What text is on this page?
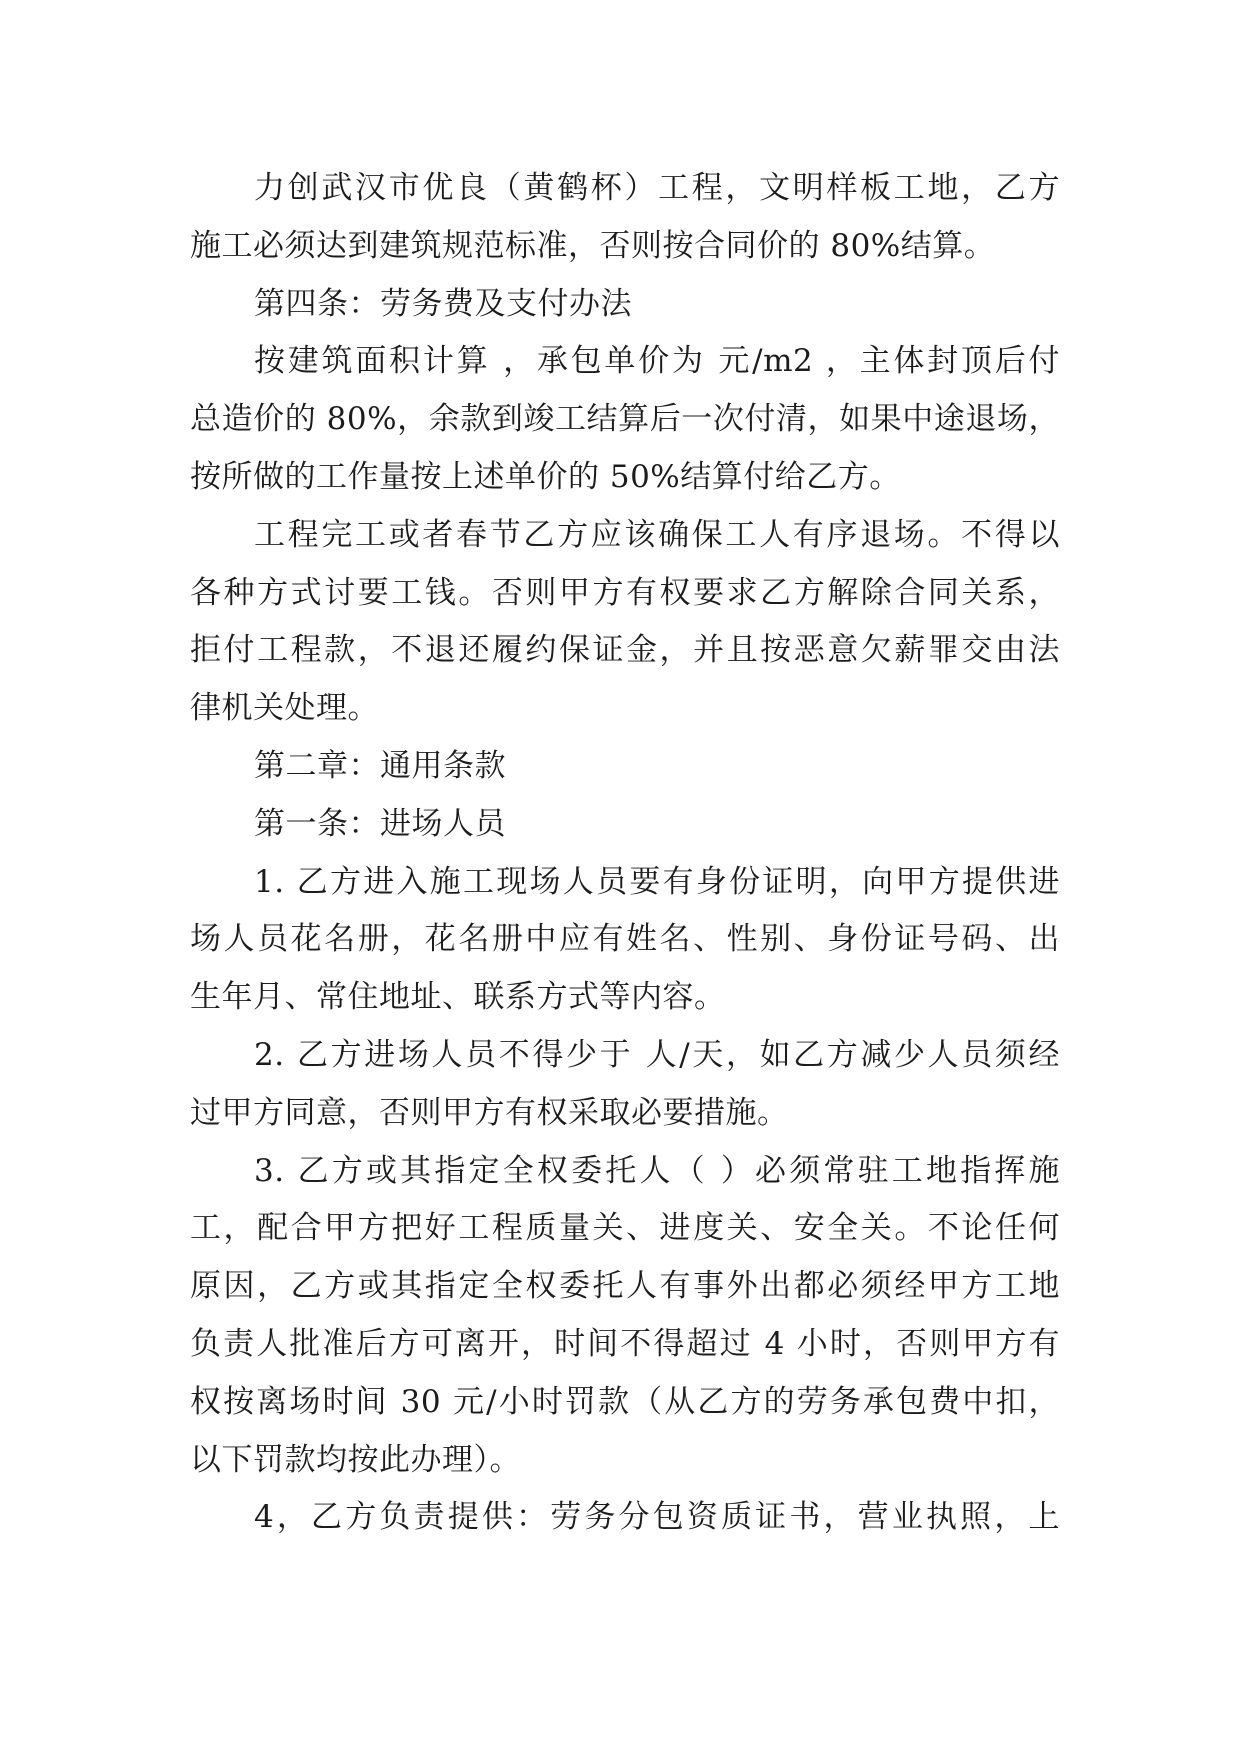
力创武汉市优良（黄鹤杯）工程，文明样板工地，乙方
施工必须达到建筑规范标准，否则按合同价的 80%结算。
第四条：劳务费及支付办法
按建筑面积计算 ，承包单价为 元/m2 ，主体封顶后付
总造价的 80%，余款到竣工结算后一次付清，如果中途退场，
按所做的工作量按上述单价的 50%结算付给乙方。
工程完工或者春节乙方应该确保工人有序退场。不得以
各种方式讨要工钱。否则甲方有权要求乙方解除合同关系，
拒付工程款，不退还履约保证金，并且按恶意欠薪罪交由法
律机关处理。
第二章：通用条款
第一条：进场人员
1. 乙方进入施工现场人员要有身份证明，向甲方提供进
场人员花名册，花名册中应有姓名、性别、身份证号码、出
生年月、常住地址、联系方式等内容。
2. 乙方进场人员不得少于 人/天，如乙方减少人员须经
过甲方同意，否则甲方有权采取必要措施。
3. 乙方或其指定全权委托人（ ）必须常驻工地指挥施
工，配合甲方把好工程质量关、进度关、安全关。不论任何
原因，乙方或其指定全权委托人有事外出都必须经甲方工地
负责人批准后方可离开，时间不得超过 4 小时，否则甲方有
权按离场时间 30 元/小时罚款（从乙方的劳务承包费中扣，
以下罚款均按此办理）。
4，乙方负责提供：劳务分包资质证书，营业执照，上
